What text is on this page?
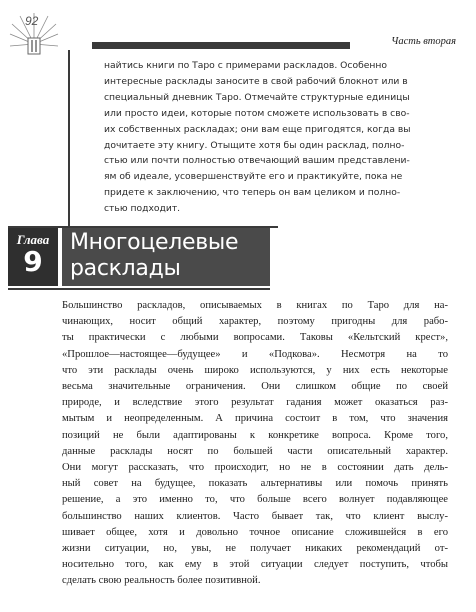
92
Часть вторая
найтись книги по Таро с примерами раскладов. Особенно
интересные расклады заносите в свой рабочий блокнот или в
специальный дневник Таро. Отмечайте структурные единицы
или просто идеи, которые потом сможете использовать в сво-
их собственных раскладах; они вам еще пригодятся, когда вы
дочитаете эту книгу. Отыщите хотя бы один расклад, полно-
стью или почти полностью отвечающий вашим представлени-
ям об идеале, усовершенствуйте его и практикуйте, пока не
придете к заключению, что теперь он вам целиком и полно-
стью подходит.
Глава
9
Многоцелевые
расклады
Большинство раскладов, описываемых в книгах по Таро для на-
чинающих, носит общий характер, поэтому пригодны для рабо-
ты практически с любыми вопросами. Таковы «Кельтский крест»,
«Прошлое—настоящее—будущее» и «Подкова». Несмотря на то
что эти расклады очень широко используются, у них есть некоторые
весьма значительные ограничения. Они слишком общие по своей
природе, и вследствие этого результат гадания может оказаться раз-
мытым и неопределенным. А причина состоит в том, что значения
позиций не были адаптированы к конкретике вопроса. Кроме того,
данные расклады носят по большей части описательный характер.
Они могут рассказать, что происходит, но не в состоянии дать дель-
ный совет на будущее, показать альтернативы или помочь принять
решение, а это именно то, что больше всего волнует подавляющее
большинство наших клиентов. Часто бывает так, что клиент выслу-
шивает общее, хотя и довольно точное описание сложившейся в его
жизни ситуации, но, увы, не получает никаких рекомендаций от-
носительно того, как ему в этой ситуации следует поступить, чтобы
сделать свою реальность более позитивной.
